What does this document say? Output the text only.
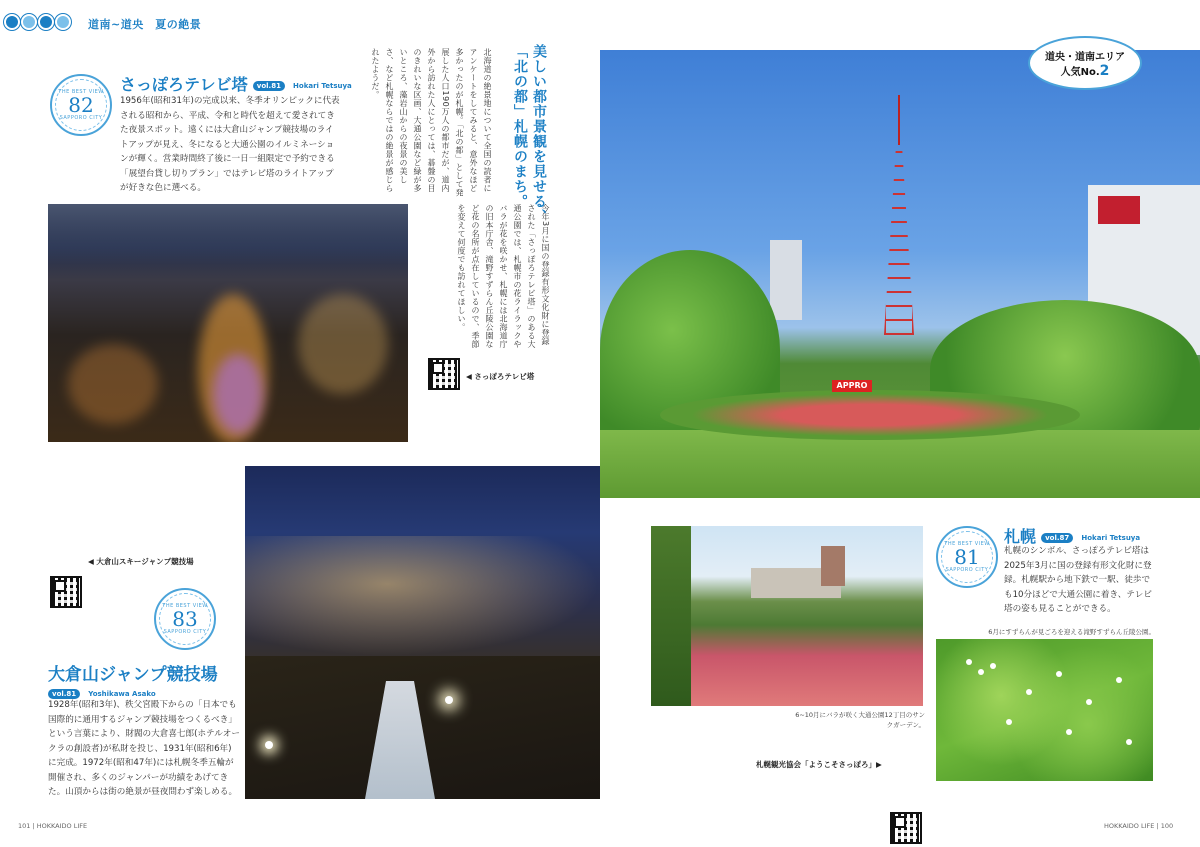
道南~道央　夏の絶景
THE BEST VIEW
82
SAPPORO CITY
さっぽろテレビ塔 vol.81 Hokari Tetsuya

1956年(昭和31年)の完成以来、冬季オリンピックに代表される昭和から、平成、令和と時代を超えて愛されてきた夜景スポット。遠くには大倉山ジャンプ競技場のライトアップが見え、冬になると大通公園のイルミネーションが輝く。営業時間終了後に一日一組限定で予約できる「展望台貸し切りプラン」ではテレビ塔のライトアップが好きな色に選べる。	美しい都市景観を見せる、「北の都」札幌のまち。
北海道の絶景地について全国の読者にアンケートをしてみると、意外なほど多かったのが札幌。「北の都」として発展した人口190万人の都市だが、道内外から訪れた人にとっては、碁盤の目のきれいな区画、大通公園など緑が多いところ、藻岩山からの夜景の美しさ、など札幌ならではの絶景が感じられたようだ。
今年3月に国の登録有形文化財に登録された「さっぽろテレビ塔」のある大通公園では、札幌市の花ライラックやバラが花を咲かせ、札幌には北海道庁の旧本庁舎、滝野すずらん丘陵公園など花の名所が点在しているので、季節を変えて何度でも訪れてほしい。
◀ さっぽろテレビ塔
◀ 大倉山スキージャンプ競技場
THE BEST VIEW
83
SAPPORO CITY
大倉山ジャンプ競技場
vol.81 Yoshikawa Asako

1928年(昭和3年)、秩父宮殿下からの「日本でも国際的に通用するジャンプ競技場をつくるべき」という言葉により、財閥の大倉喜七郎(ホテルオークラの創設者)が私財を投じ、1931年(昭和6年)に完成。1972年(昭和47年)には札幌冬季五輪が開催され、多くのジャンパーが功績をあげてきた。山頂からは街の絶景が昼夜問わず楽しめる。

APPRO
道央・道南エリア
人気No.2
THE BEST VIEW
81
SAPPORO CITY
札幌 vol.87 Hokari Tetsuya

札幌のシンボル、さっぽろテレビ塔は2025年3月に国の登録有形文化財に登録。札幌駅から地下鉄で一駅、徒歩でも10分ほどで大通公園に着き、テレビ塔の姿も見ることができる。

6~10月にバラが咲く大通公園12丁目のサンクガーデン。
6月にすずらんが見ごろを迎える滝野すずらん丘陵公園。
札幌観光協会「ようこそさっぽろ」▶
101 | HOKKAIDO LIFE	HOKKAIDO LIFE | 100
